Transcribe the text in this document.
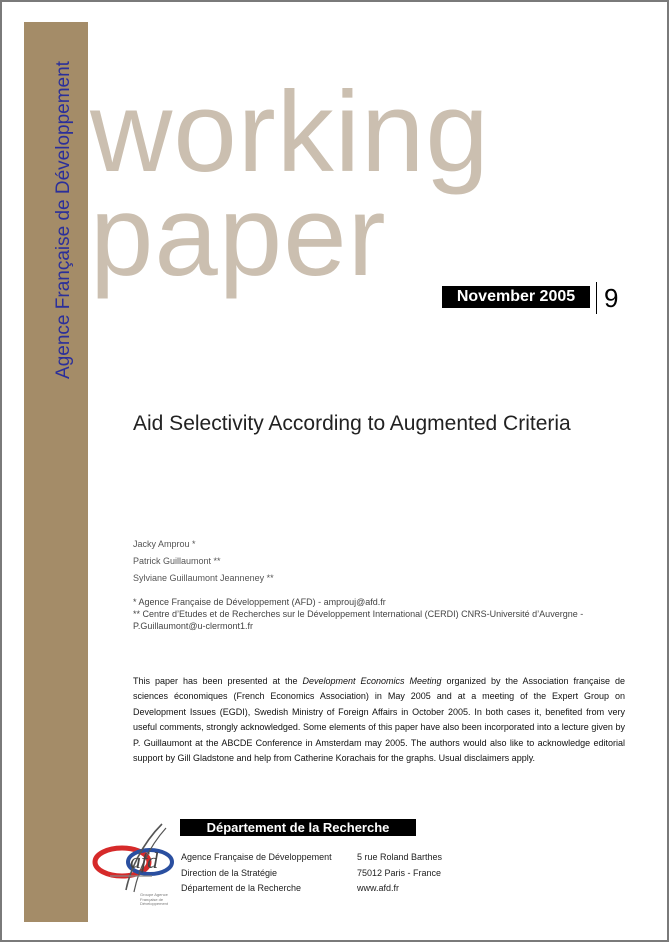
Agence Française de Développement working
paper	November 2005	9
Aid Selectivity According to Augmented Criteria
Jacky Amprou *
Patrick Guillaumont **
Sylviane Guillaumont Jeanneney **
* Agence Française de Développement (AFD) - amprouj@afd.fr
** Centre d’Etudes et de Recherches sur le Développement International (CERDI) CNRS-Université d’Auvergne - P.Guillaumont@u-clermont1.fr
This paper has been presented at the Development Economics Meeting organized by the Association française de sciences économiques (French Economics Association) in May 2005 and at a meeting of the Expert Group on Development Issues (EGDI), Swedish Ministry of Foreign Affairs in October 2005. In both cases it, benefited from very useful comments, strongly acknowledged. Some elements of this paper have also been incorporated into a lecture given by P. Guillaumont at the ABCDE Conference in Amsterdam may 2005. The authors would also like to acknowledge editorial support by Gill Gladstone and help from Catherine Korachais for the graphs. Usual disclaimers apply.
afd
Groupe Agence Française de Développement
Département de la Recherche
Agence Française de Développement
Direction de la Stratégie
Département de la Recherche
5 rue Roland Barthes
75012 Paris - France
www.afd.fr
